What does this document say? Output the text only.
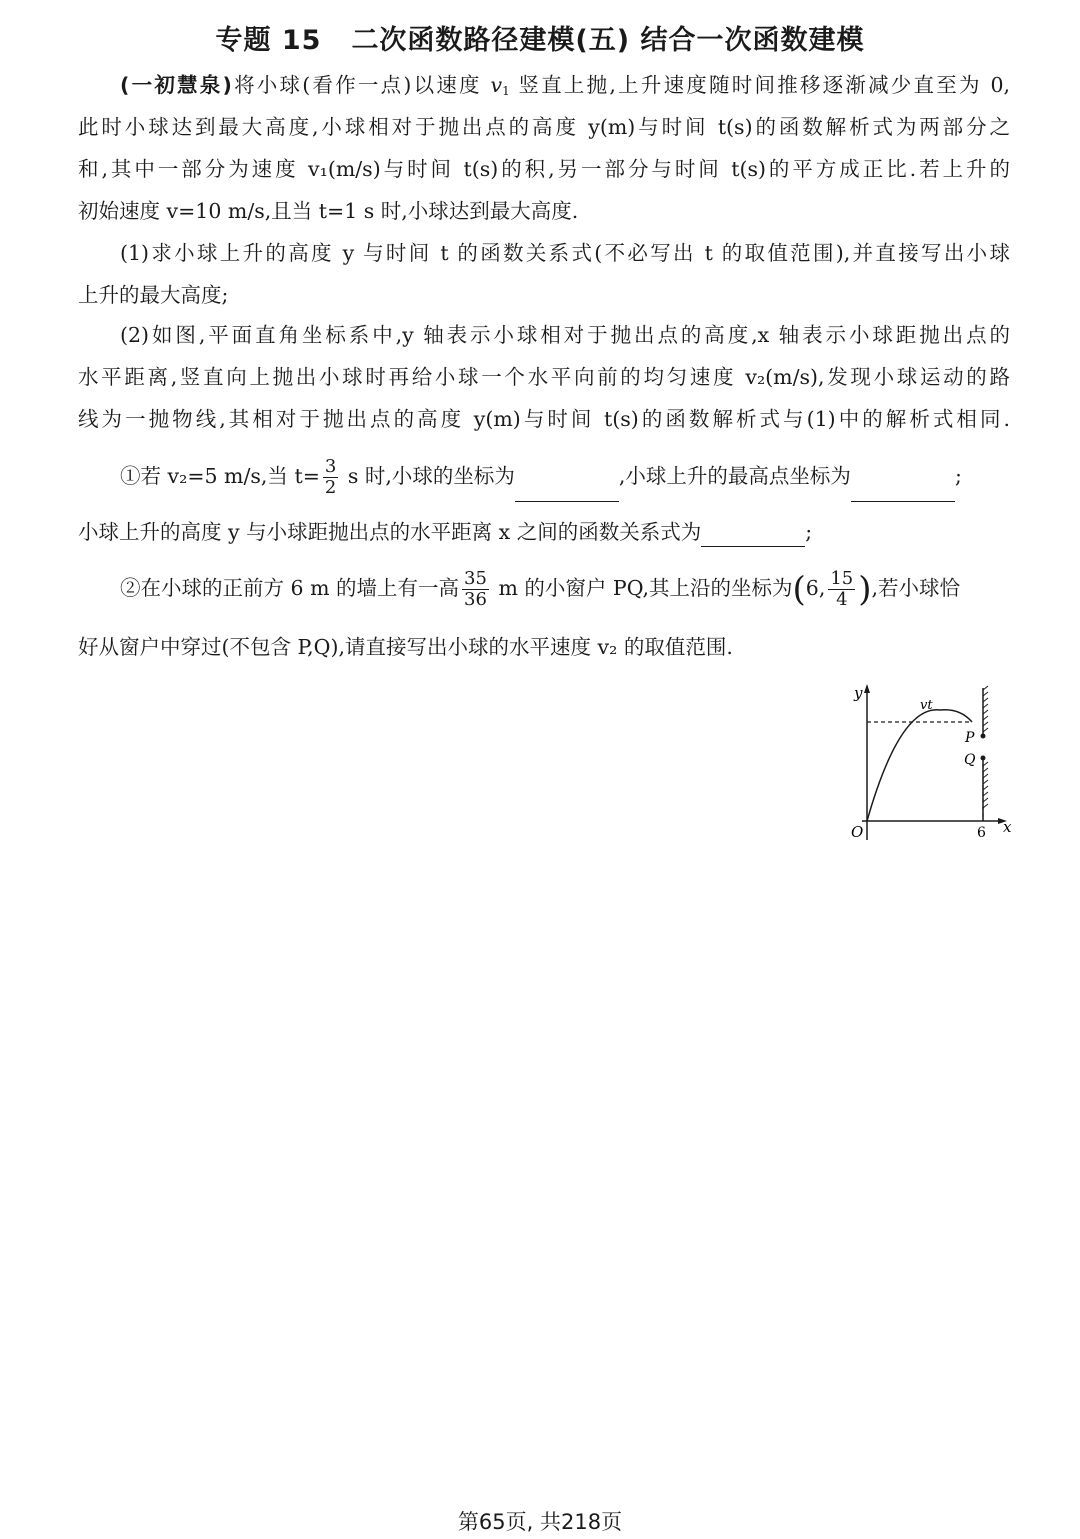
专题 15 二次函数路径建模(五) 结合一次函数建模

(一初慧泉)将小球(看作一点)以速度 $v_1$ 竖直上抛,上升速度随时间推移逐渐减少直至为 0,

此时小球达到最大高度,小球相对于抛出点的高度 y(m)与时间 t(s)的函数解析式为两部分之

和,其中一部分为速度 v₁(m/s)与时间 t(s)的积,另一部分与时间 t(s)的平方成正比.若上升的

初始速度 v=10 m/s,且当 t=1 s 时,小球达到最大高度.

(1)求小球上升的高度 y 与时间 t 的函数关系式(不必写出 t 的取值范围),并直接写出小球

上升的最大高度;

(2)如图,平面直角坐标系中,y 轴表示小球相对于抛出点的高度,x 轴表示小球距抛出点的

水平距离,竖直向上抛出小球时再给小球一个水平向前的均匀速度 v₂(m/s),发现小球运动的路

线为一抛物线,其相对于抛出点的高度 y(m)与时间 t(s)的函数解析式与(1)中的解析式相同.

①若 v₂=5 m/s,当 $t= \frac{3}{2}$ s 时,小球的坐标为	,小球上升的最高点坐标为	;

小球上升的高度 y 与小球距抛出点的水平距离 x 之间的函数关系式为	;

②在小球的正前方 6 m 的墙上有一高 $\frac{35}{36}$ m 的小窗户 PQ,其上沿的坐标为(6, $\frac{15}{4}$ ),若小球恰

好从窗户中穿过(不包含 P,Q),请直接写出小球的水平速度 v₂ 的取值范围.

y
x
O	6
vt
P
Q

第65页, 共218页
